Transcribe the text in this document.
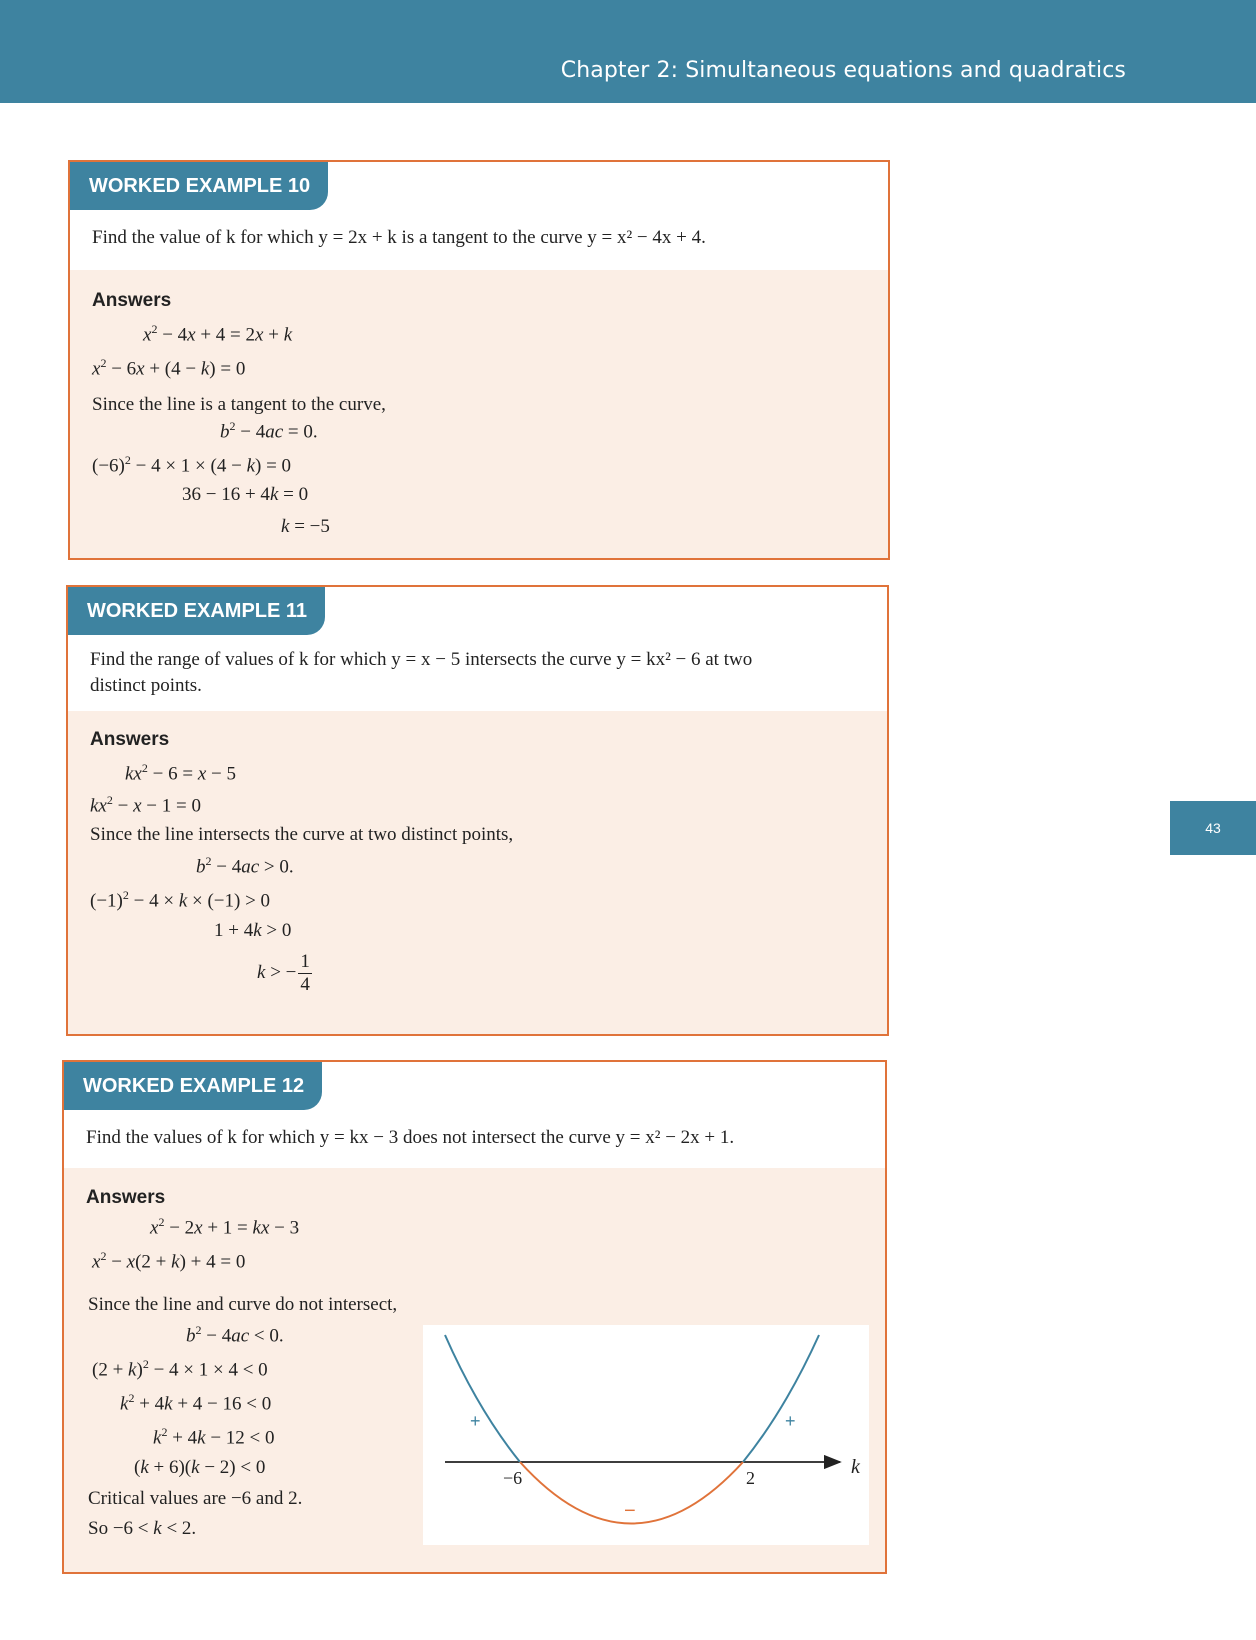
Chapter 2: Simultaneous equations and quadratics
43
WORKED EXAMPLE 10
Find the value of k for which y = 2x + k is a tangent to the curve y = x² − 4x + 4.
Answers
$x^2 - 4x + 4 = 2x + k$
$x^2 - 6x + (4 - k) = 0$
Since the line is a tangent to the curve,
$b^2 - 4ac = 0$.
$(-6)^2 - 4 \times 1 \times (4 - k) = 0$
36 − 16 + 4k = 0
k = −5
WORKED EXAMPLE 11
Find the range of values of k for which y = x − 5 intersects the curve y = kx² − 6 at two
distinct points.
Answers
$kx^2 - 6 = x - 5$
$kx^2 - x - 1 = 0$
Since the line intersects the curve at two distinct points,
$b^2 - 4ac > 0$.
$(-1)^2 - 4 \times k \times (-1) > 0$
1 + 4k > 0
k > − $\frac{1}{4}$
WORKED EXAMPLE 12
Find the values of k for which y = kx − 3 does not intersect the curve y = x² − 2x + 1.
Answers
$x^2 - 2x + 1$ = kx − 3
$x^2 - x(2 + k) + 4 = 0$
Since the line and curve do not intersect,
$b^2 - 4ac < 0$.
$(2 + k)^2 - 4 \times 1 \times 4 < 0$
$k^2 + 4k + 4 - 16 < 0$
$k^2 + 4k - 12 < 0$
(k + 6)(k − 2) < 0
Critical values are −6 and 2.
So −6 < k < 2.
k
−6	2
+	+
−
